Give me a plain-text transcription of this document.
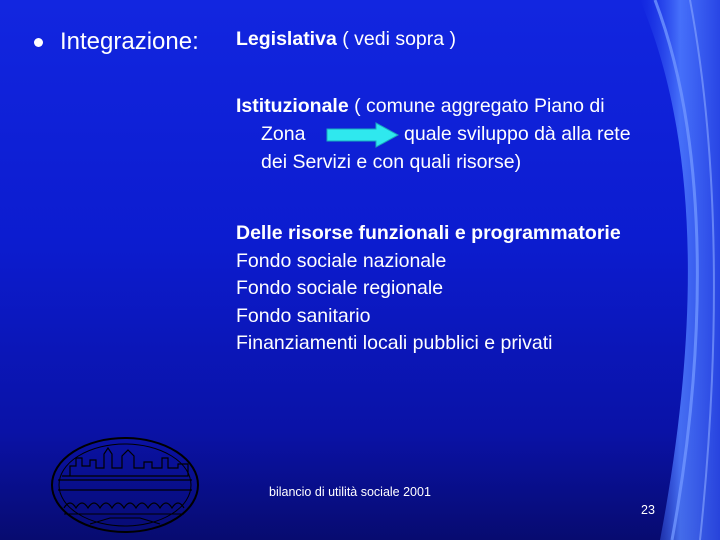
Integrazione: Legislativa ( vedi sopra )
Istituzionale ( comune aggregato Piano di
Zona	quale sviluppo dà alla rete
dei Servizi e con quali risorse)
Delle risorse funzionali e programmatorie
Fondo sociale nazionale
Fondo sociale regionale
Fondo sanitario
Finanziamenti locali pubblici e privati
bilancio di utilità sociale 2001
23
